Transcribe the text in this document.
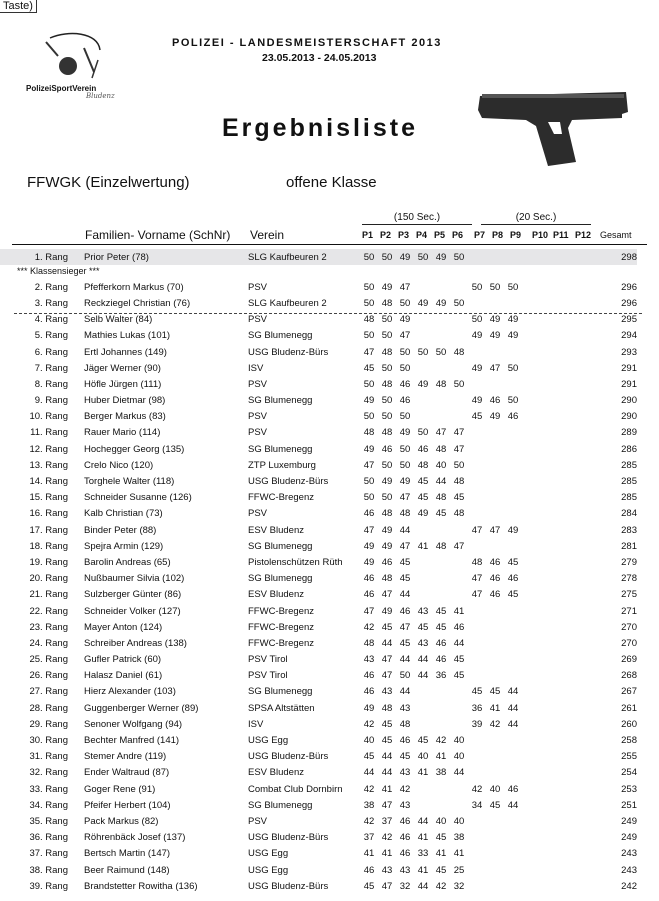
Taste)
PolizeiSportVerein
Bludenz
POLIZEI - LANDESMEISTERSCHAFT 2013
23.05.2013 - 24.05.2013
Ergebnisliste
FFWGK (Einzelwertung)	offene Klasse
(150 Sec.)	(20 Sec.)
Familien- Vorname (SchNr) Verein	P1 P2 P3 P4 P5 P6 P7 P8 P9 P10 P11 P12 Gesamt
*** Klassensieger ***
1. Rang	Prior Peter (78)	SLG Kaufbeuren 2	50	50	49	50	49	50							298

2. Rang	Pfefferkorn Markus (70)	PSV	50	49	47				50	50	50				296
3. Rang	Reckziegel Christian (76)	SLG Kaufbeuren 2	50	48	50	49	49	50							296
4. Rang	Selb Walter (84)	PSV	48	50	49				50	49	49				295
5. Rang	Mathies Lukas (101)	SG Blumenegg	50	50	47				49	49	49				294
6. Rang	Ertl Johannes (149)	USG Bludenz-Bürs	47	48	50	50	50	48							293
7. Rang	Jäger Werner (90)	ISV	45	50	50				49	47	50				291
8. Rang	Höfle Jürgen (111)	PSV	50	48	46	49	48	50							291
9. Rang	Huber Dietmar (98)	SG Blumenegg	49	50	46				49	46	50				290
10. Rang	Berger Markus (83)	PSV	50	50	50				45	49	46				290
11. Rang	Rauer Mario (114)	PSV	48	48	49	50	47	47							289
12. Rang	Hochegger Georg (135)	SG Blumenegg	49	46	50	46	48	47							286
13. Rang	Crelo Nico (120)	ZTP Luxemburg	47	50	50	48	40	50							285
14. Rang	Torghele Walter (118)	USG Bludenz-Bürs	50	49	49	45	44	48							285
15. Rang	Schneider Susanne (126)	FFWC-Bregenz	50	50	47	45	48	45							285
16. Rang	Kalb Christian (73)	PSV	46	48	48	49	45	48							284
17. Rang	Binder Peter (88)	ESV Bludenz	47	49	44				47	47	49				283
18. Rang	Spejra Armin (129)	SG Blumenegg	49	49	47	41	48	47							281
19. Rang	Barolin Andreas (65)	Pistolenschützen Rüth	49	46	45				48	46	45				279
20. Rang	Nußbaumer Silvia (102)	SG Blumenegg	46	48	45				47	46	46				278
21. Rang	Sulzberger Günter (86)	ESV Bludenz	46	47	44				47	46	45				275
22. Rang	Schneider Volker (127)	FFWC-Bregenz	47	49	46	43	45	41							271
23. Rang	Mayer Anton (124)	FFWC-Bregenz	42	45	47	45	45	46							270
24. Rang	Schreiber Andreas (138)	FFWC-Bregenz	48	44	45	43	46	44							270
25. Rang	Gufler Patrick (60)	PSV Tirol	43	47	44	44	46	45							269
26. Rang	Halasz Daniel (61)	PSV Tirol	46	47	50	44	36	45							268
27. Rang	Hierz Alexander (103)	SG Blumenegg	46	43	44				45	45	44				267
28. Rang	Guggenberger Werner (89)	SPSA Altstätten	49	48	43				36	41	44				261
29. Rang	Senoner Wolfgang (94)	ISV	42	45	48				39	42	44				260
30. Rang	Bechter Manfred (141)	USG Egg	40	45	46	45	42	40							258
31. Rang	Stemer Andre (119)	USG Bludenz-Bürs	45	44	45	40	41	40							255
32. Rang	Ender Waltraud (87)	ESV Bludenz	44	44	43	41	38	44							254
33. Rang	Goger Rene (91)	Combat Club Dornbirn	42	41	42				42	40	46				253
34. Rang	Pfeifer Herbert (104)	SG Blumenegg	38	47	43				34	45	44				251
35. Rang	Pack Markus (82)	PSV	42	37	46	44	40	40							249
36. Rang	Röhrenbäck Josef (137)	USG Bludenz-Bürs	37	42	46	41	45	38							249
37. Rang	Bertsch Martin (147)	USG Egg	41	41	46	33	41	41							243
38. Rang	Beer Raimund (148)	USG Egg	46	43	43	41	45	25							243
39. Rang	Brandstetter Rowitha (136)	USG Bludenz-Bürs	45	47	32	44	42	32							242
